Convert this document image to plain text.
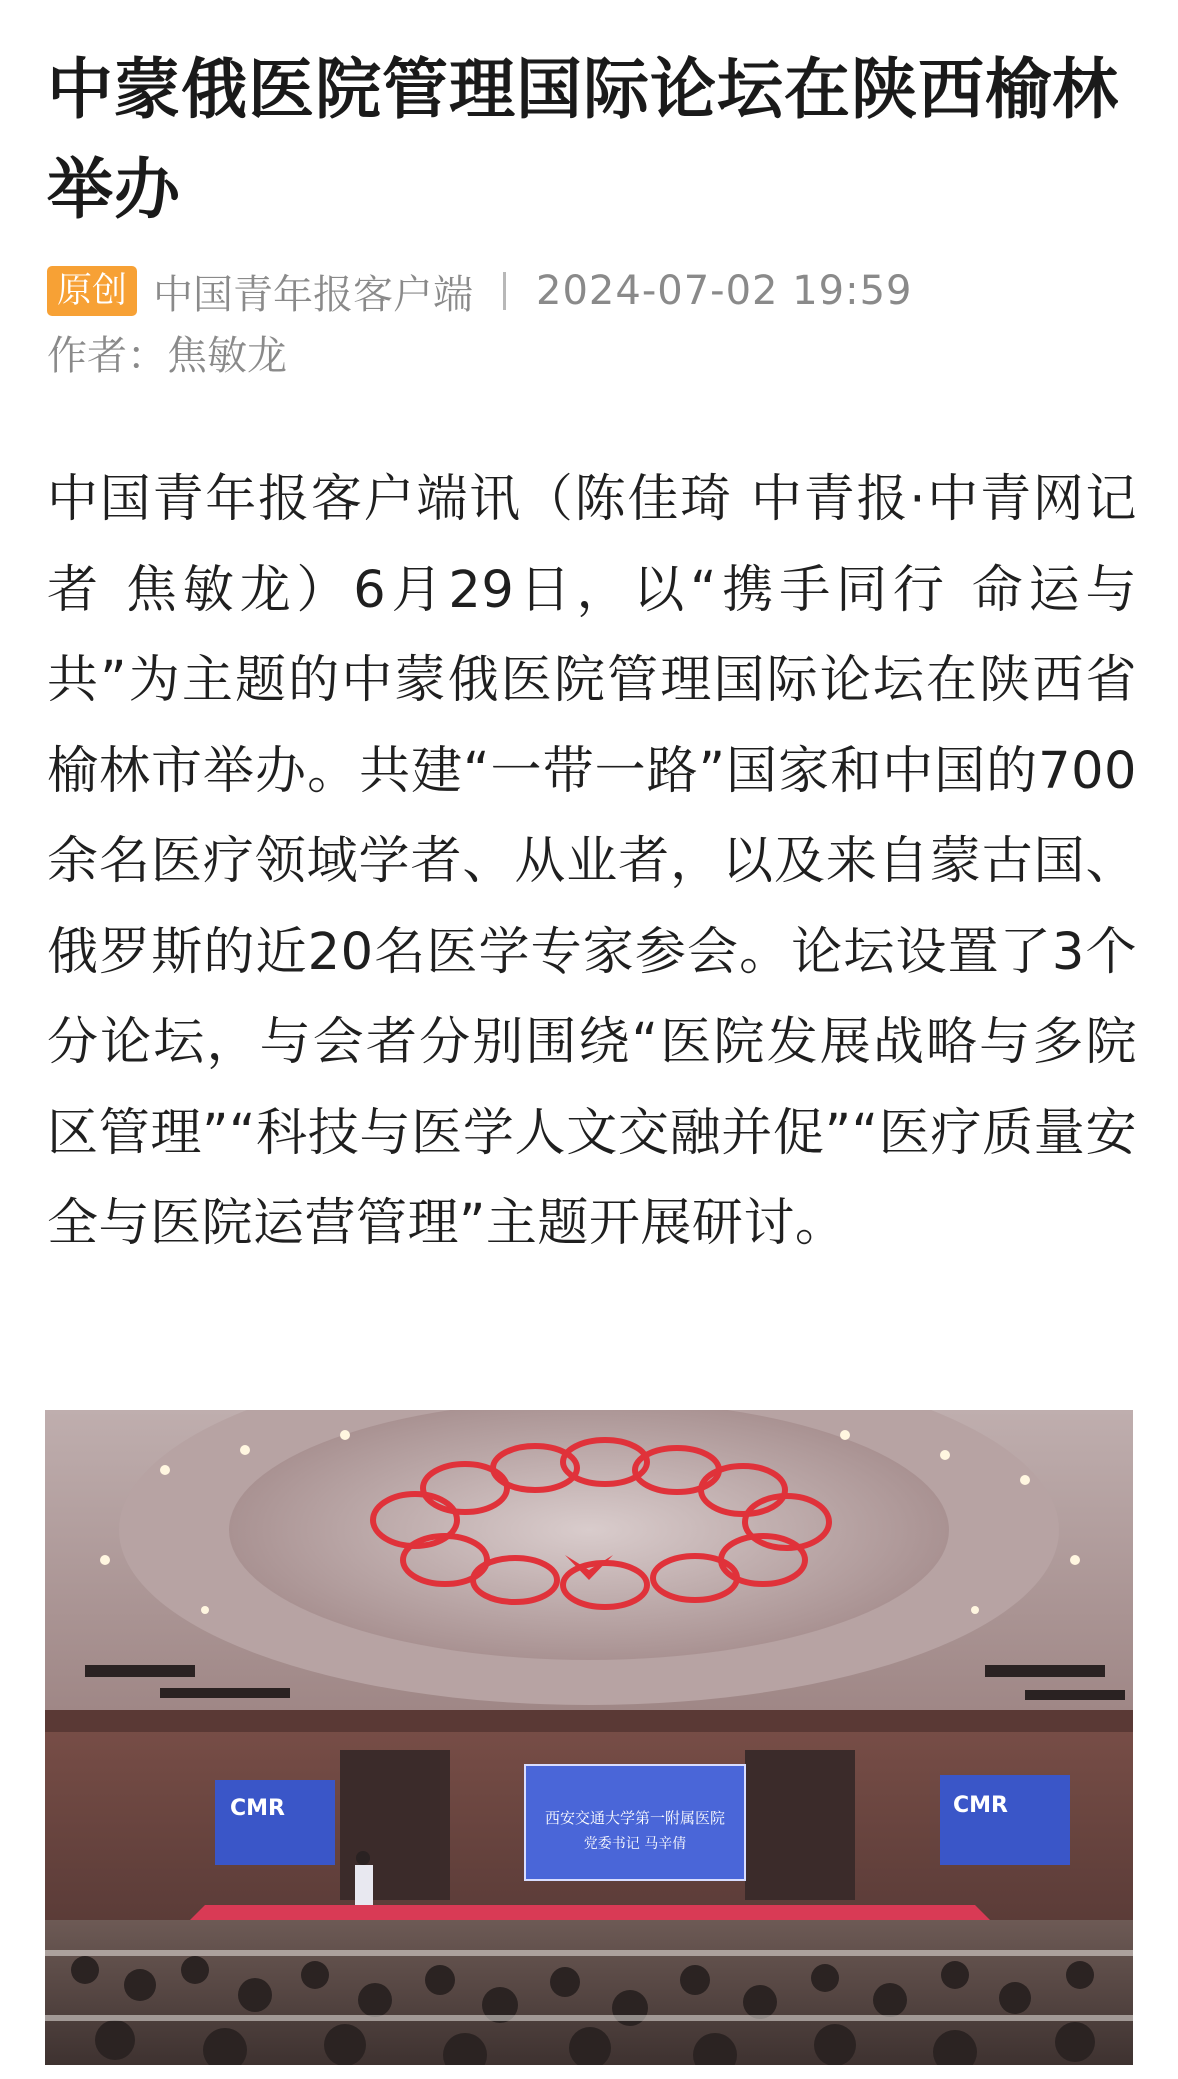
中蒙俄医院管理国际论坛在陕西榆林举办
原创 中国青年报客户端 2024-07-02 19:59
作者：焦敏龙

中国青年报客户端讯（陈佳琦 中青报·中青网记者 焦敏龙）6月29日，以“携手同行 命运与共”为主题的中蒙俄医院管理国际论坛在陕西省榆林市举办。共建“一带一路”国家和中国的700余名医疗领域学者、从业者，以及来自蒙古国、俄罗斯的近20名医学专家参会。论坛设置了3个分论坛，与会者分别围绕“医院发展战略与多院区管理”“科技与医学人文交融并促”“医疗质量安全与医院运营管理”主题开展研讨。

CMR	CMR
西安交通大学第一附属医院
党委书记 马辛倩
